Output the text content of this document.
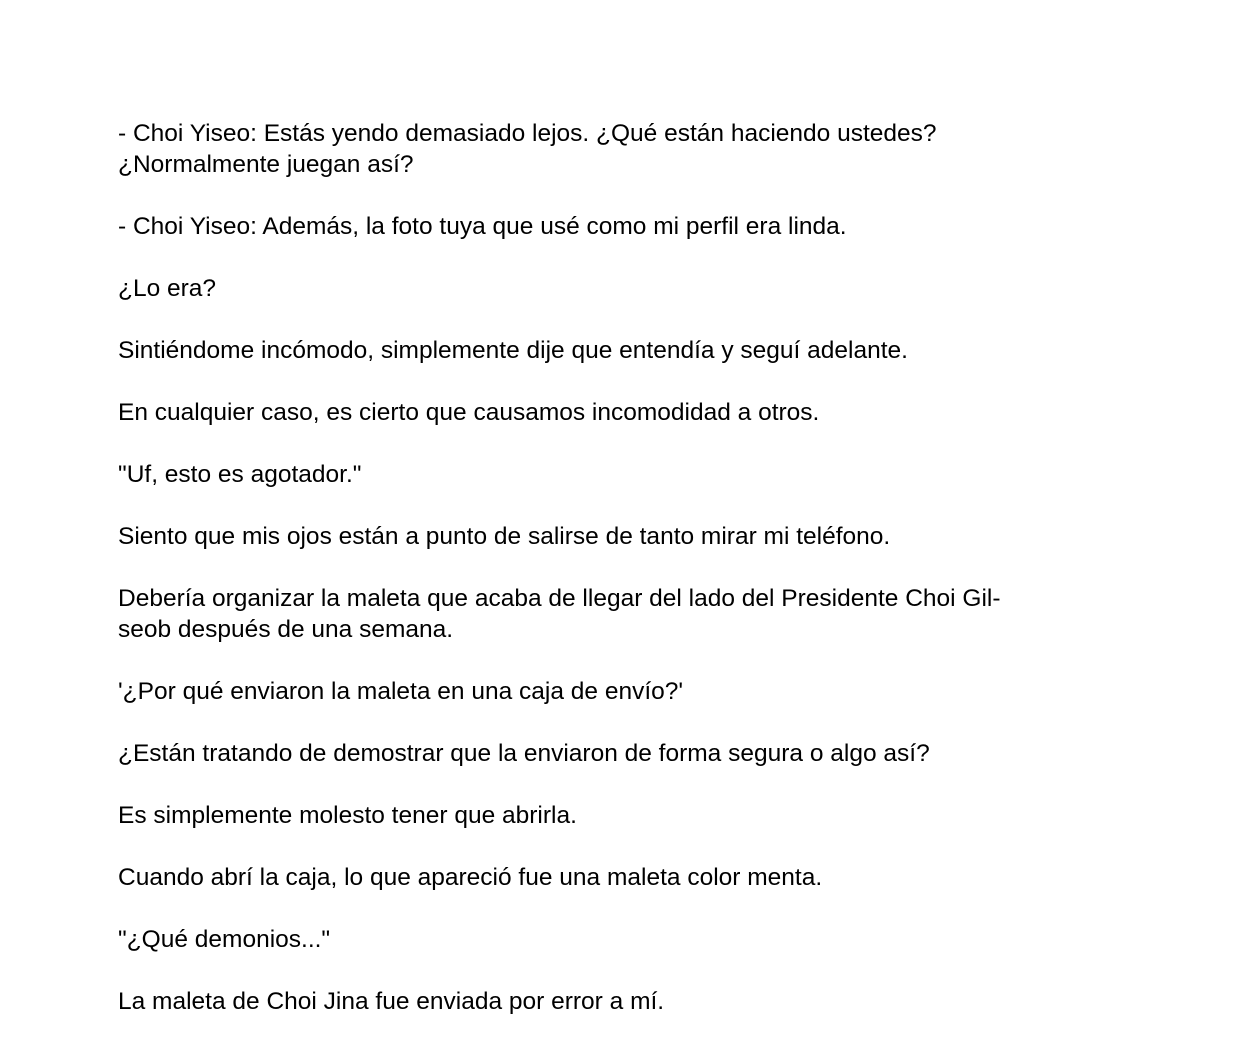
- Choi Yiseo: Estás yendo demasiado lejos. ¿Qué están haciendo ustedes?
¿Normalmente juegan así?
- Choi Yiseo: Además, la foto tuya que usé como mi perfil era linda.
¿Lo era?
Sintiéndome incómodo, simplemente dije que entendía y seguí adelante.
En cualquier caso, es cierto que causamos incomodidad a otros.
"Uf, esto es agotador."
Siento que mis ojos están a punto de salirse de tanto mirar mi teléfono.
Debería organizar la maleta que acaba de llegar del lado del Presidente Choi Gil-
seob después de una semana.
'¿Por qué enviaron la maleta en una caja de envío?'
¿Están tratando de demostrar que la enviaron de forma segura o algo así?
Es simplemente molesto tener que abrirla.
Cuando abrí la caja, lo que apareció fue una maleta color menta.
"¿Qué demonios..."
La maleta de Choi Jina fue enviada por error a mí.
